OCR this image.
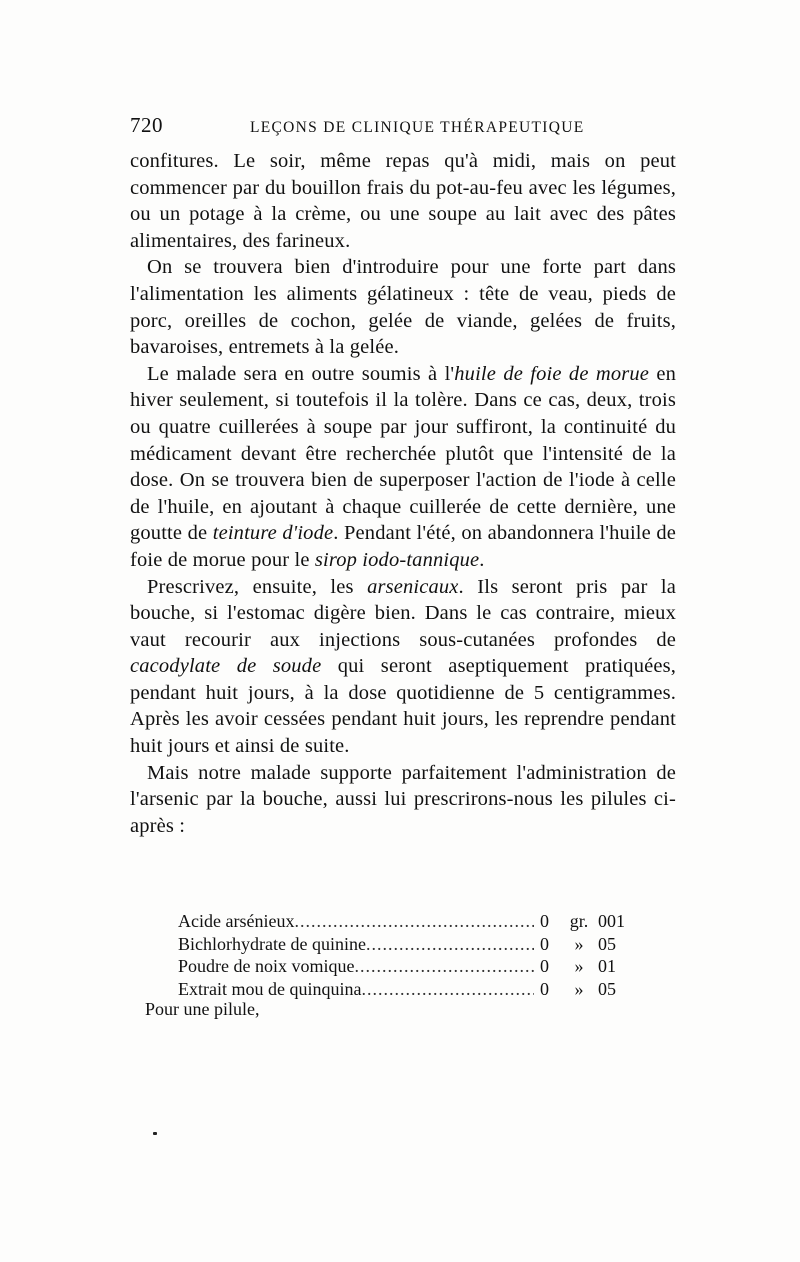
720	LEÇONS DE CLINIQUE THÉRAPEUTIQUE

confitures. Le soir, même repas qu'à midi, mais on peut commencer par du bouillon frais du pot-au-feu avec les légumes, ou un potage à la crème, ou une soupe au lait avec des pâtes alimentaires, des farineux.

On se trouvera bien d'introduire pour une forte part dans l'alimentation les aliments gélatineux : tête de veau, pieds de porc, oreilles de cochon, gelée de viande, gelées de fruits, bavaroises, entremets à la gelée.

Le malade sera en outre soumis à l'huile de foie de morue en hiver seulement, si toutefois il la tolère. Dans ce cas, deux, trois ou quatre cuillerées à soupe par jour suffiront, la continuité du médicament devant être recherchée plutôt que l'intensité de la dose. On se trouvera bien de superposer l'action de l'iode à celle de l'huile, en ajoutant à chaque cuillerée de cette dernière, une goutte de teinture d'iode. Pendant l'été, on abandonnera l'huile de foie de morue pour le sirop iodo-tannique.

Prescrivez, ensuite, les arsenicaux. Ils seront pris par la bouche, si l'estomac digère bien. Dans le cas contraire, mieux vaut recourir aux injections sous-cutanées profondes de cacodylate de soude qui seront aseptiquement pratiquées, pendant huit jours, à la dose quotidienne de 5 centigrammes. Après les avoir cessées pendant huit jours, les reprendre pendant huit jours et ainsi de suite.

Mais notre malade supporte parfaitement l'administration de l'arsenic par la bouche, aussi lui prescrirons-nous les pilules ci-après :

Acide arsénieux .....	0	gr. 001
Bichlorhydrate de quinine .....	0	» 05
Poudre de noix vomique .....	0	» 01
Extrait mou de quinquina .....	0	» 05
Pour une pilule,
